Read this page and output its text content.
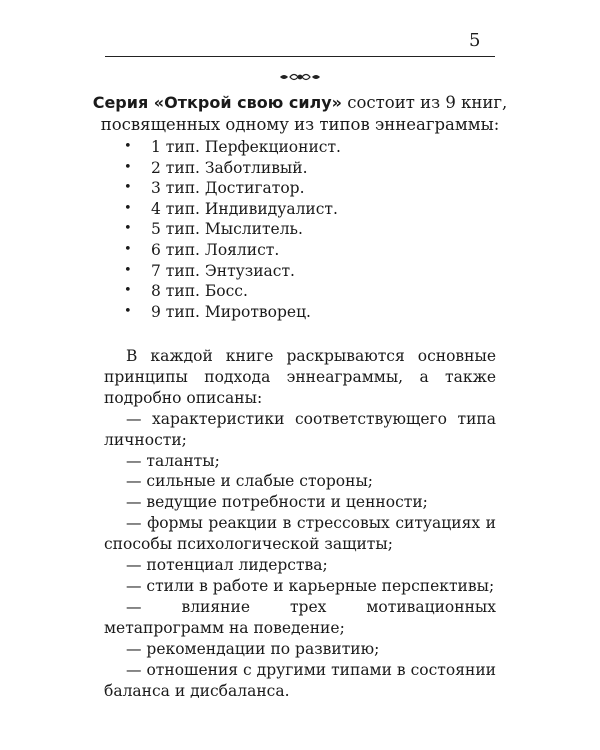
5
Серия «Открой свою силу» состоит из 9 книг, посвященных одному из типов эннеаграммы:
• 1 тип. Перфекционист.
• 2 тип. Заботливый.
• 3 тип. Достигатор.
• 4 тип. Индивидуалист.
• 5 тип. Мыслитель.
• 6 тип. Лоялист.
• 7 тип. Энтузиаст.
• 8 тип. Босс.
• 9 тип. Миротворец.

В каждой книге раскрываются основные принципы подхода эннеаграммы, а также подробно описаны:

— характеристики соответствующего типа личности;

— таланты;

— сильные и слабые стороны;

— ведущие потребности и ценности;

— формы реакции в стрессовых ситуациях и способы психологической защиты;

— потенциал лидерства;

— стили в работе и карьерные перспективы;

— влияние трех мотивационных метапрограмм на поведение;

— рекомендации по развитию;

— отношения с другими типами в состоянии баланса и дисбаланса.
